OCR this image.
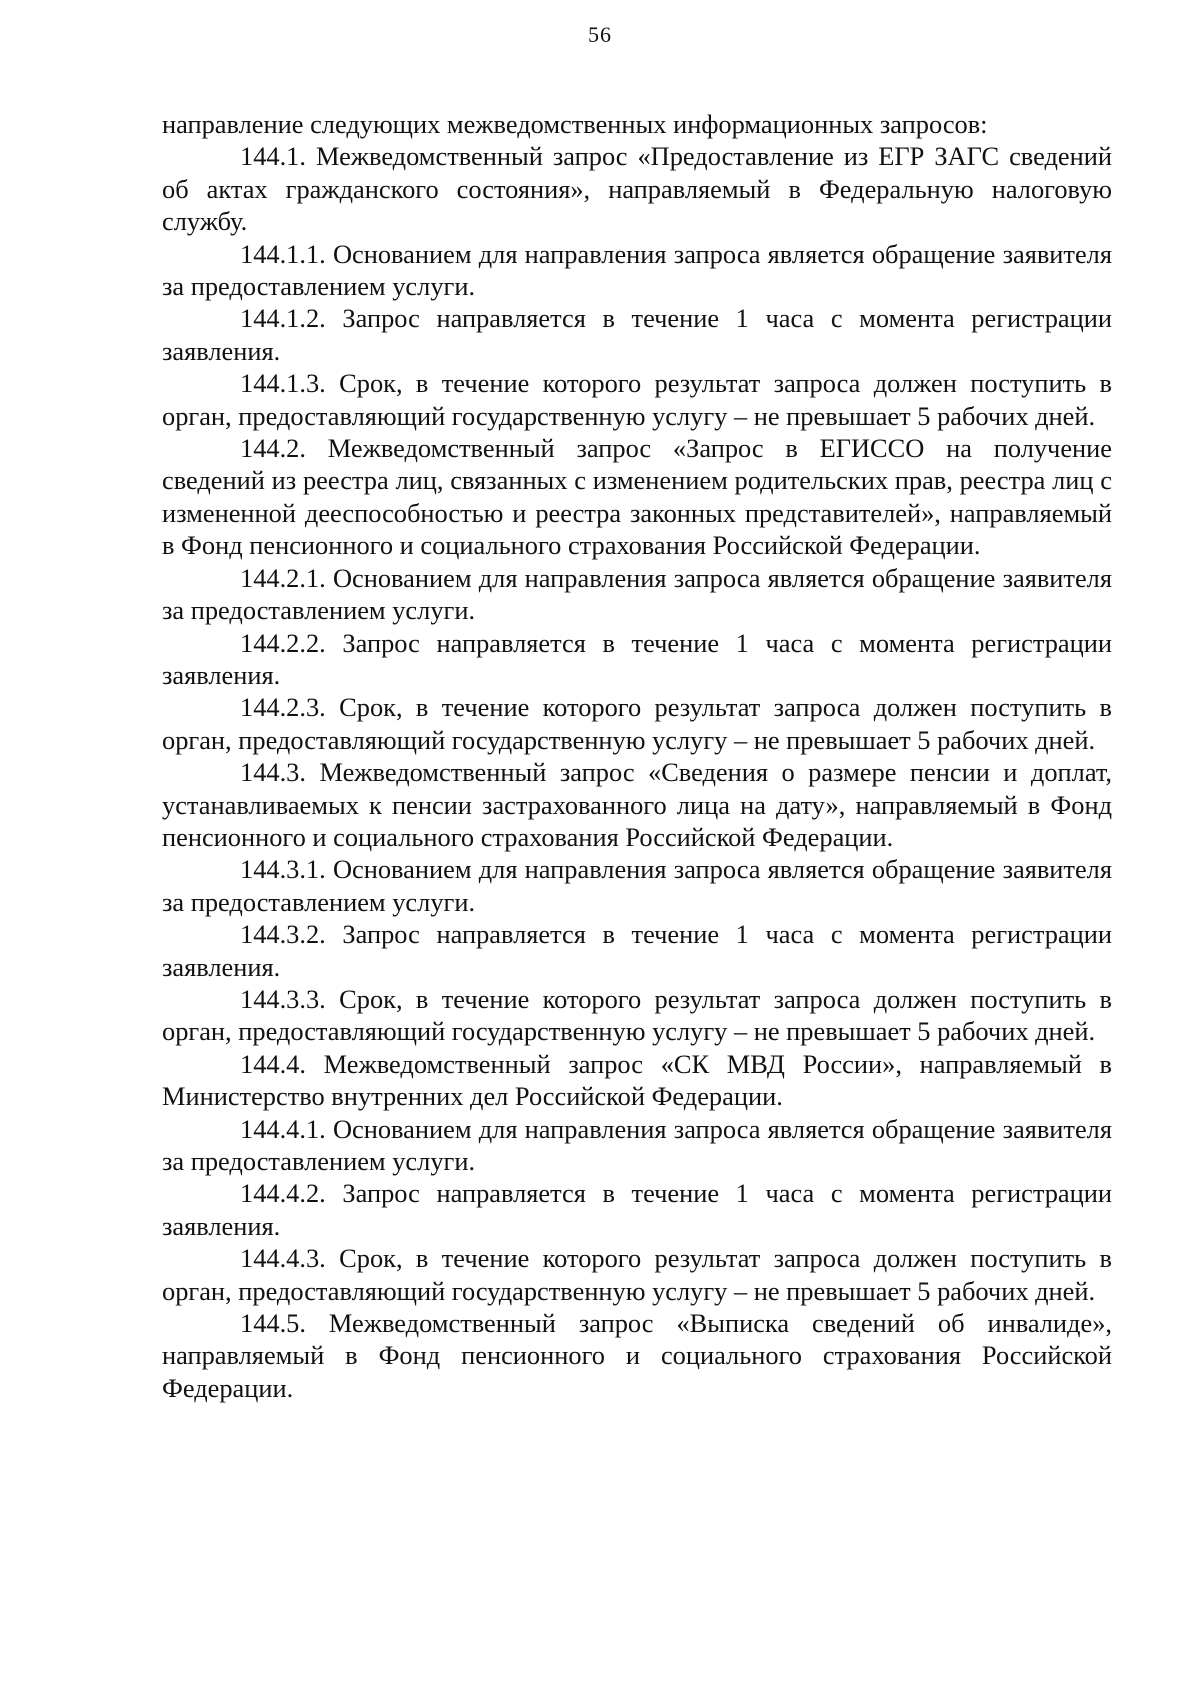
56

направление следующих межведомственных информационных запросов:

144.1. Межведомственный запрос «Предоставление из ЕГР ЗАГС сведений об актах гражданского состояния», направляемый в Федеральную налоговую службу.

144.1.1. Основанием для направления запроса является обращение заявителя за предоставлением услуги.

144.1.2. Запрос направляется в течение 1 часа с момента регистрации заявления.

144.1.3. Срок, в течение которого результат запроса должен поступить в орган, предоставляющий государственную услугу – не превышает 5 рабочих дней.

144.2. Межведомственный запрос «Запрос в ЕГИССО на получение сведений из реестра лиц, связанных с изменением родительских прав, реестра лиц с измененной дееспособностью и реестра законных представителей», направляемый в Фонд пенсионного и социального страхования Российской Федерации.

144.2.1. Основанием для направления запроса является обращение заявителя за предоставлением услуги.

144.2.2. Запрос направляется в течение 1 часа с момента регистрации заявления.

144.2.3. Срок, в течение которого результат запроса должен поступить в орган, предоставляющий государственную услугу – не превышает 5 рабочих дней.

144.3. Межведомственный запрос «Сведения о размере пенсии и доплат, устанавливаемых к пенсии застрахованного лица на дату», направляемый в Фонд пенсионного и социального страхования Российской Федерации.

144.3.1. Основанием для направления запроса является обращение заявителя за предоставлением услуги.

144.3.2. Запрос направляется в течение 1 часа с момента регистрации заявления.

144.3.3. Срок, в течение которого результат запроса должен поступить в орган, предоставляющий государственную услугу – не превышает 5 рабочих дней.

144.4. Межведомственный запрос «СК МВД России», направляемый в Министерство внутренних дел Российской Федерации.

144.4.1. Основанием для направления запроса является обращение заявителя за предоставлением услуги.

144.4.2. Запрос направляется в течение 1 часа с момента регистрации заявления.

144.4.3. Срок, в течение которого результат запроса должен поступить в орган, предоставляющий государственную услугу – не превышает 5 рабочих дней.

144.5. Межведомственный запрос «Выписка сведений об инвалиде», направляемый в Фонд пенсионного и социального страхования Российской Федерации.
